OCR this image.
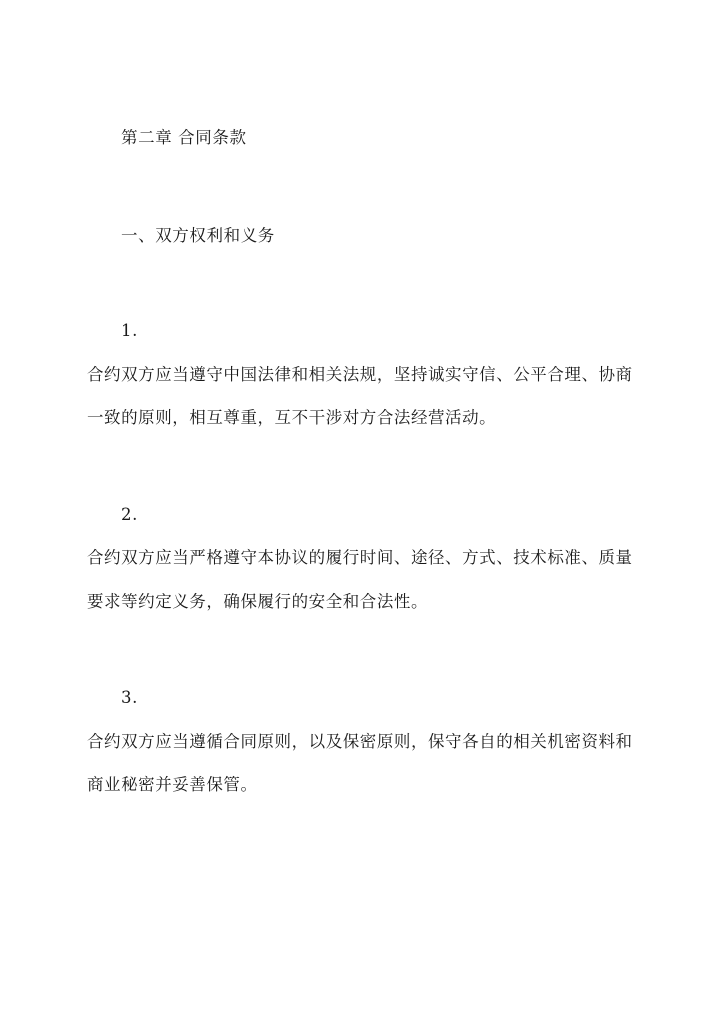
第二章 合同条款
一、双方权利和义务
1.
合约双方应当遵守中国法律和相关法规，坚持诚实守信、公平合理、协商
一致的原则，相互尊重，互不干涉对方合法经营活动。
2.
合约双方应当严格遵守本协议的履行时间、途径、方式、技术标准、质量
要求等约定义务，确保履行的安全和合法性。
3.
合约双方应当遵循合同原则，以及保密原则，保守各自的相关机密资料和
商业秘密并妥善保管。
